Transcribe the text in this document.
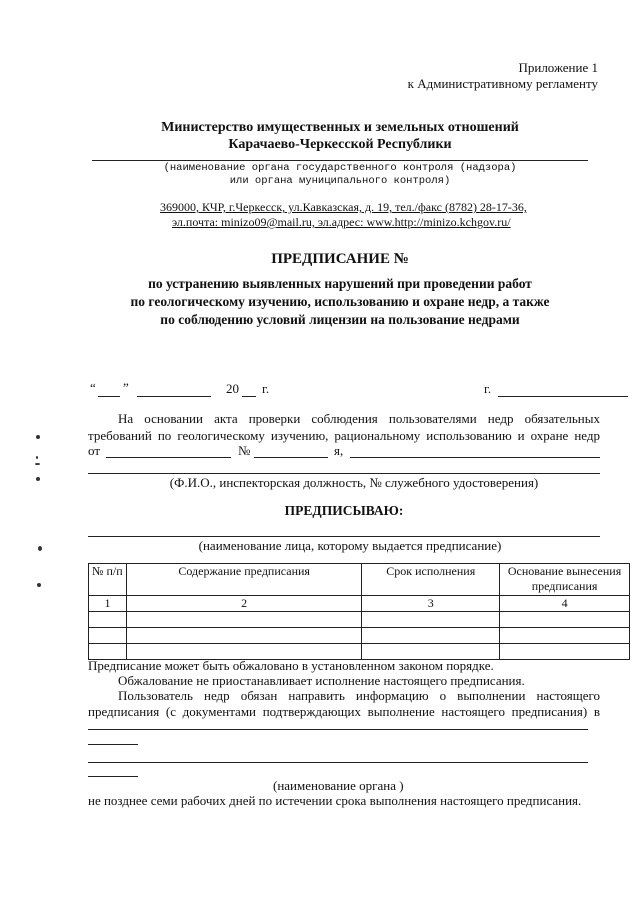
Приложение 1
к Административному регламенту
Министерство имущественных и земельных отношений
Карачаево-Черкесской Республики
(наименование органа государственного контроля (надзора)
или органа муниципального контроля)
369000, КЧР, г.Черкесск, ул.Кавказская, д. 19, тел./факс (8782) 28-17-36,
эл.почта: minizo09@mail.ru, эл.адрес: www.http://minizo.kchgov.ru/
ПРЕДПИСАНИЕ №
по устранению выявленных нарушений при проведении работ
по геологическому изучению, использованию и охране недр, а также
по соблюдению условий лицензии на пользование недрами
“ ”	20 г.	г.
На основании акта проверки соблюдения пользователями недр обязательных
требований по геологическому изучению, рациональному использованию и охране недр
от	№	я,
(Ф.И.О., инспекторская должность, № служебного удостоверения)
ПРЕДПИСЫВАЮ:
(наименование лица, которому выдается предписание)
№ п/п	Содержание предписания	Срок исполнения	Основание вынесения предписания
1	2	3	4

Предписание может быть обжаловано в установленном законом порядке.
Обжалование не приостанавливает исполнение настоящего предписания.
Пользователь недр обязан направить информацию о выполнении настоящего
предписания (с документами подтверждающих выполнение настоящего предписания) в
(наименование органа )
не позднее семи рабочих дней по истечении срока выполнения настоящего предписания.
